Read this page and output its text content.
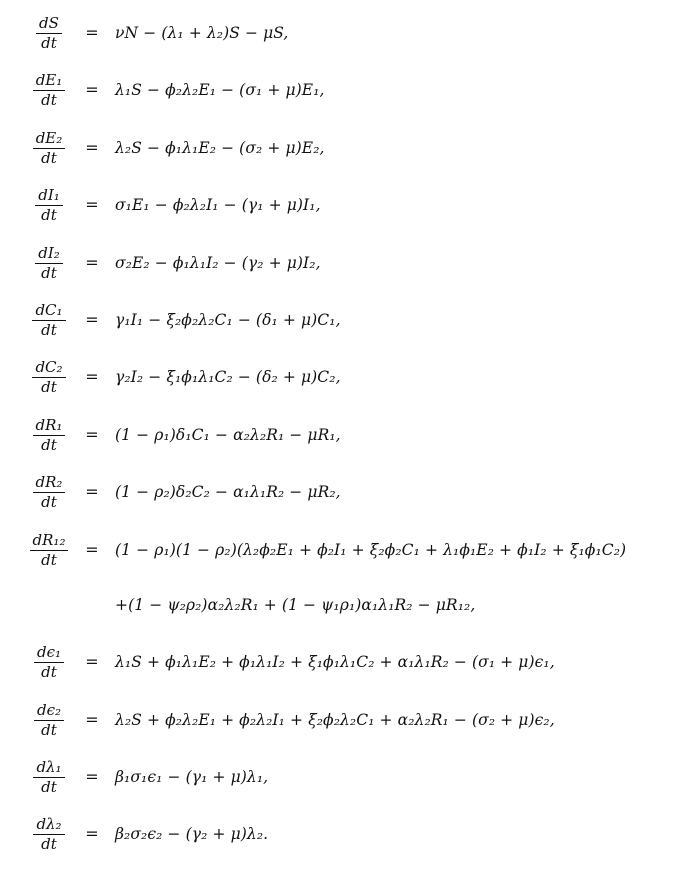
$\frac{dS}{dt} = \nu N - (\lambda_1 + \lambda_2)S - \mu S$,
$\frac{\text{dE₁}}{dt} = \lambda_1S - \phi_2\lambda_2E_1 - (\sigma_1 + \mu)E_1$,
$\frac{\text{dE₂}}{dt} = \lambda_2S - \phi_1\lambda_1E_2 - (\sigma_2 + \mu)E_2$,
$\frac{\text{dI₁}}{dt} = \sigma_1E_1 - \phi_2\lambda_2I_1 - (\gamma_1 + \mu)I_1$,
$\frac{\text{dI₂}}{dt} = \sigma_2E_2 - \phi_1\lambda_1I_2 - (\gamma_2 + \mu)I_2$,
$\frac{\text{dC₁}}{dt} = \gamma_1I_1 - \xi_2\phi_2\lambda_2C_1 - (\delta_1 + \mu)C_1$,
$\frac{\text{dC₂}}{dt} = \gamma_2I_2 - \xi_1\phi_1\lambda_1C_2 - (\delta_2 + \mu)C_2$,
$\frac{\text{dR₁}}{dt} = (1 - \rho_1)\delta_1C_1 - \alpha_2\lambda_2R_1 - \mu R_1$,
$\frac{\text{dR₂}}{dt} = (1 - \rho_2)\delta_2C_2 - \alpha_1\lambda_1R_2 - \mu R_2$,
$\frac{\text{dR₁₂}}{dt} = (1 - \rho_1)(1 - \rho_2)(\lambda_2\phi_2E_1 + \phi_2I_1 + \xi_2\phi_2C_1 + \lambda_1\phi_1E_2 + \phi_1I_2 + \xi_1\phi_1C_2)$
+(1 − ψ₂ρ₂)α₂λ₂R₁ + (1 − ψ₁ρ₁)α₁λ₁R₂ − μR₁₂,
$\frac{\text{dϵ₁}}{dt} = \lambda_1S + \phi_1\lambda_1E_2 + \phi_1\lambda_1I_2 + \xi_1\phi_1\lambda_1C_2 + \alpha_1\lambda_1R_2 - (\sigma_1 + \mu)\epsilon_1$,
$\frac{\text{dϵ₂}}{dt} = \lambda_2S + \phi_2\lambda_2E_1 + \phi_2\lambda_2I_1 + \xi_2\phi_2\lambda_2C_1 + \alpha_2\lambda_2R_1 - (\sigma_2 + \mu)\epsilon_2$,
$\frac{\text{dλ₁}}{dt} = \beta_1\sigma_1\epsilon_1 - (\gamma_1 + \mu)\lambda_1$,
$\frac{\text{dλ₂}}{dt} = \beta_2\sigma_2\epsilon_2 - (\gamma_2 + \mu)\lambda_2$.
